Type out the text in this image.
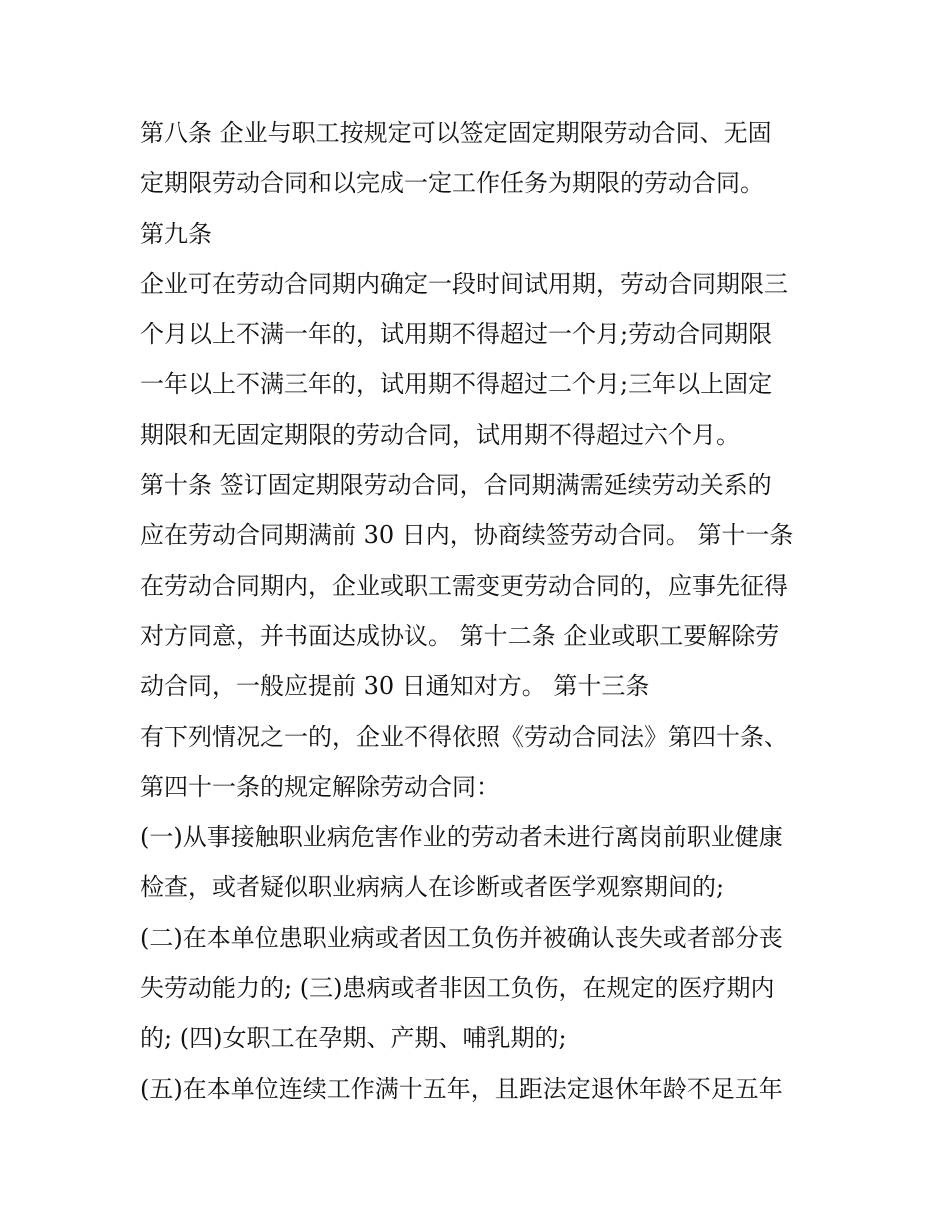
第八条 企业与职工按规定可以签定固定期限劳动合同、无固
定期限劳动合同和以完成一定工作任务为期限的劳动合同。
第九条
企业可在劳动合同期内确定一段时间试用期，劳动合同期限三
个月以上不满一年的，试用期不得超过一个月;劳动合同期限
一年以上不满三年的，试用期不得超过二个月;三年以上固定
期限和无固定期限的劳动合同，试用期不得超过六个月。
第十条 签订固定期限劳动合同，合同期满需延续劳动关系的
应在劳动合同期满前 30 日内，协商续签劳动合同。 第十一条
在劳动合同期内，企业或职工需变更劳动合同的，应事先征得
对方同意，并书面达成协议。 第十二条 企业或职工要解除劳
动合同，一般应提前 30 日通知对方。 第十三条
有下列情况之一的，企业不得依照《劳动合同法》第四十条、
第四十一条的规定解除劳动合同：
(一)从事接触职业病危害作业的劳动者未进行离岗前职业健康
检查，或者疑似职业病病人在诊断或者医学观察期间的;
(二)在本单位患职业病或者因工负伤并被确认丧失或者部分丧
失劳动能力的; (三)患病或者非因工负伤，在规定的医疗期内
的; (四)女职工在孕期、产期、哺乳期的;
(五)在本单位连续工作满十五年，且距法定退休年龄不足五年
